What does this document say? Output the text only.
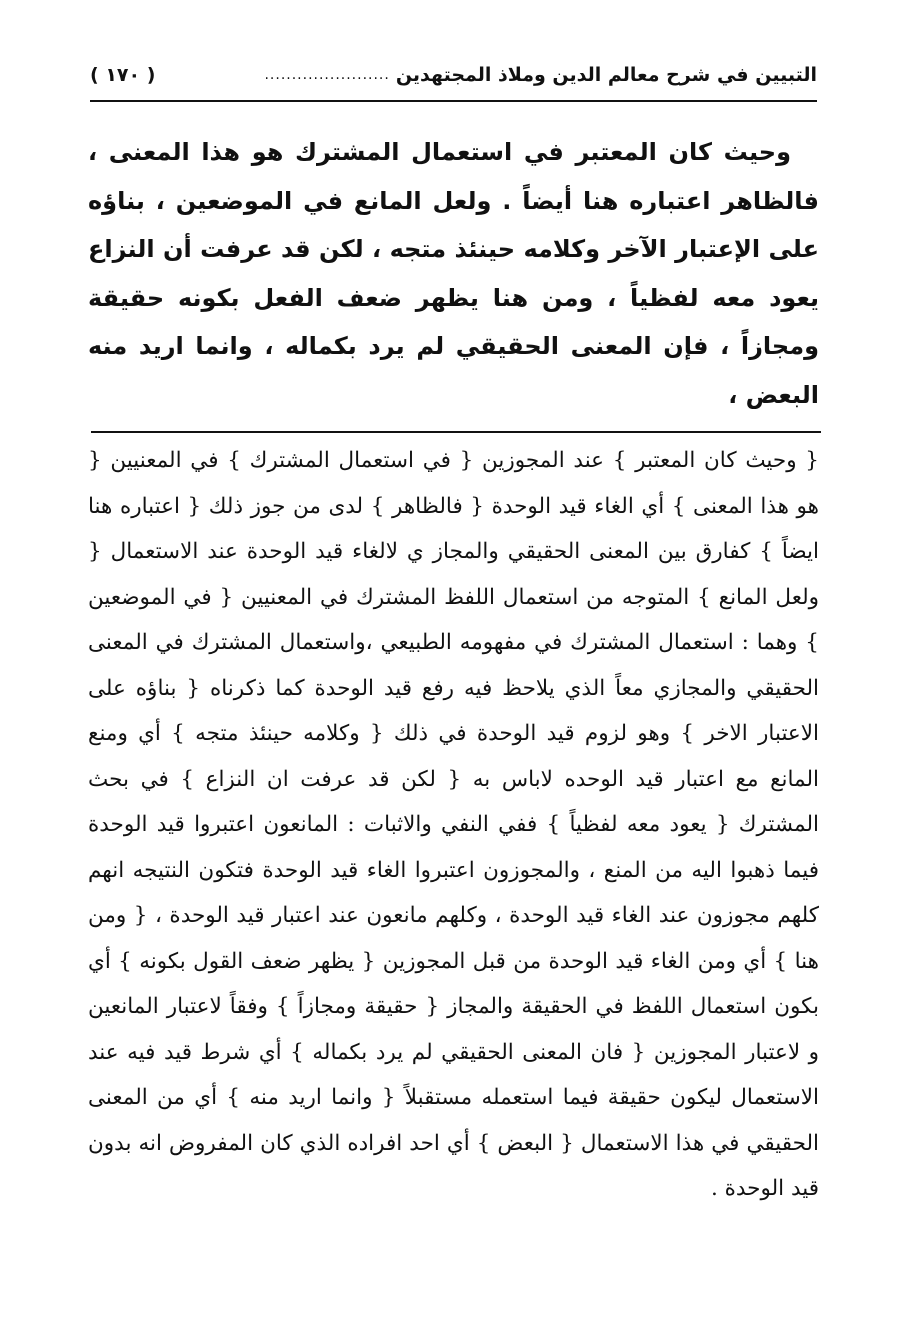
التبيين في شرح معالم الدين وملاذ المجتهدين
.......................
( ١٧٠ )

وحيث كان المعتبر في استعمال المشترك هو هذا المعنى ، فالظاهر اعتباره هنا أيضاً . ولعل المانع في الموضعين ، بناؤه على الإعتبار الآخر وكلامه حينئذ متجه ، لكن قد عرفت أن النزاع يعود معه لفظياً ، ومن هنا يظهر ضعف الفعل بكونه حقيقة ومجازاً ، فإن المعنى الحقيقي لم يرد بكماله ، وانما اريد منه البعض ،

{ وحيث كان المعتبر } عند المجوزين { في استعمال المشترك } في المعنيين { هو هذا المعنى } أي الغاء قيد الوحدة { فالظاهر } لدى من جوز ذلك { اعتباره هنا ايضاً } كفارق بين المعنى الحقيقي والمجاز ي لالغاء قيد الوحدة عند الاستعمال { ولعل المانع } المتوجه من استعمال اللفظ المشترك في المعنيين { في الموضعين } وهما : استعمال المشترك في مفهومه الطبيعي ،واستعمال المشترك في المعنى الحقيقي والمجازي معاً الذي يلاحظ فيه رفع قيد الوحدة كما ذكرناه { بناؤه على الاعتبار الاخر } وهو لزوم قيد الوحدة في ذلك { وكلامه حينئذ متجه } أي ومنع المانع مع اعتبار قيد الوحده لاباس به { لكن قد عرفت ان النزاع } في بحث المشترك { يعود معه لفظياً } ففي النفي والاثبات : المانعون اعتبروا قيد الوحدة فيما ذهبوا اليه من المنع ، والمجوزون اعتبروا الغاء قيد الوحدة فتكون النتيجه انهم كلهم مجوزون عند الغاء قيد الوحدة ، وكلهم مانعون عند اعتبار قيد الوحدة ، { ومن هنا } أي ومن الغاء قيد الوحدة من قبل المجوزين { يظهر ضعف القول بكونه } أي بكون استعمال اللفظ في الحقيقة والمجاز { حقيقة ومجازاً } وفقاً لاعتبار المانعين و لاعتبار المجوزين { فان المعنى الحقيقي لم يرد بكماله } أي شرط قيد فيه عند الاستعمال ليكون حقيقة فيما استعمله مستقبلاً { وانما اريد منه } أي من المعنى الحقيقي في هذا الاستعمال { البعض } أي احد افراده الذي كان المفروض انه بدون قيد الوحدة .
